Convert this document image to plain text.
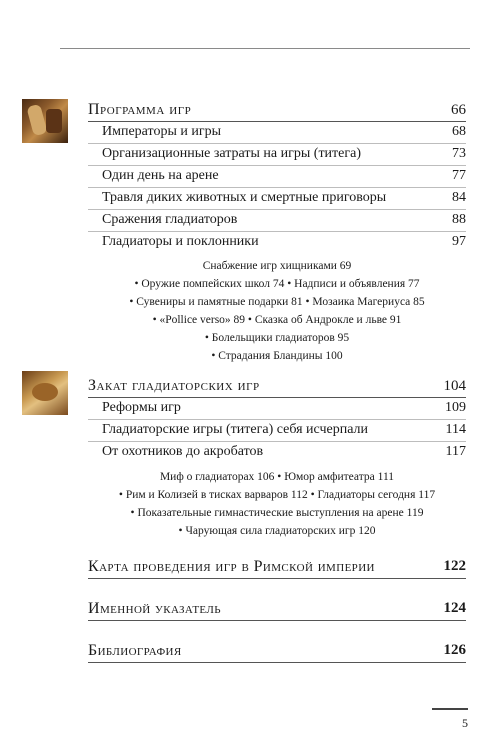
Программа игр	66
Императоры и игры	68
Организационные затраты на игры (титега)	73
Один день на арене	77
Травля диких животных и смертные приговоры	84
Сражения гладиаторов	88
Гладиаторы и поклонники	97
Снабжение игр хищниками 69
• Оружие помпейских школ 74 • Надписи и объявления 77
• Сувениры и памятные подарки 81 • Мозаика Магериуса 85
• «Pollice verso» 89 • Сказка об Андрокле и льве 91
• Болельщики гладиаторов 95
• Страдания Бландины 100
Закат гладиаторских игр	104
Реформы игр	109
Гладиаторские игры (титега) себя исчерпали	114
От охотников до акробатов	117
Миф о гладиаторах 106 • Юмор амфитеатра 111
• Рим и Колизей в тисках варваров 112 • Гладиаторы сегодня 117
• Показательные гимнастические выступления на арене 119
• Чарующая сила гладиаторских игр 120
Карта проведения игр в Римской империи	122
Именной указатель	124
Библиография	126
5
